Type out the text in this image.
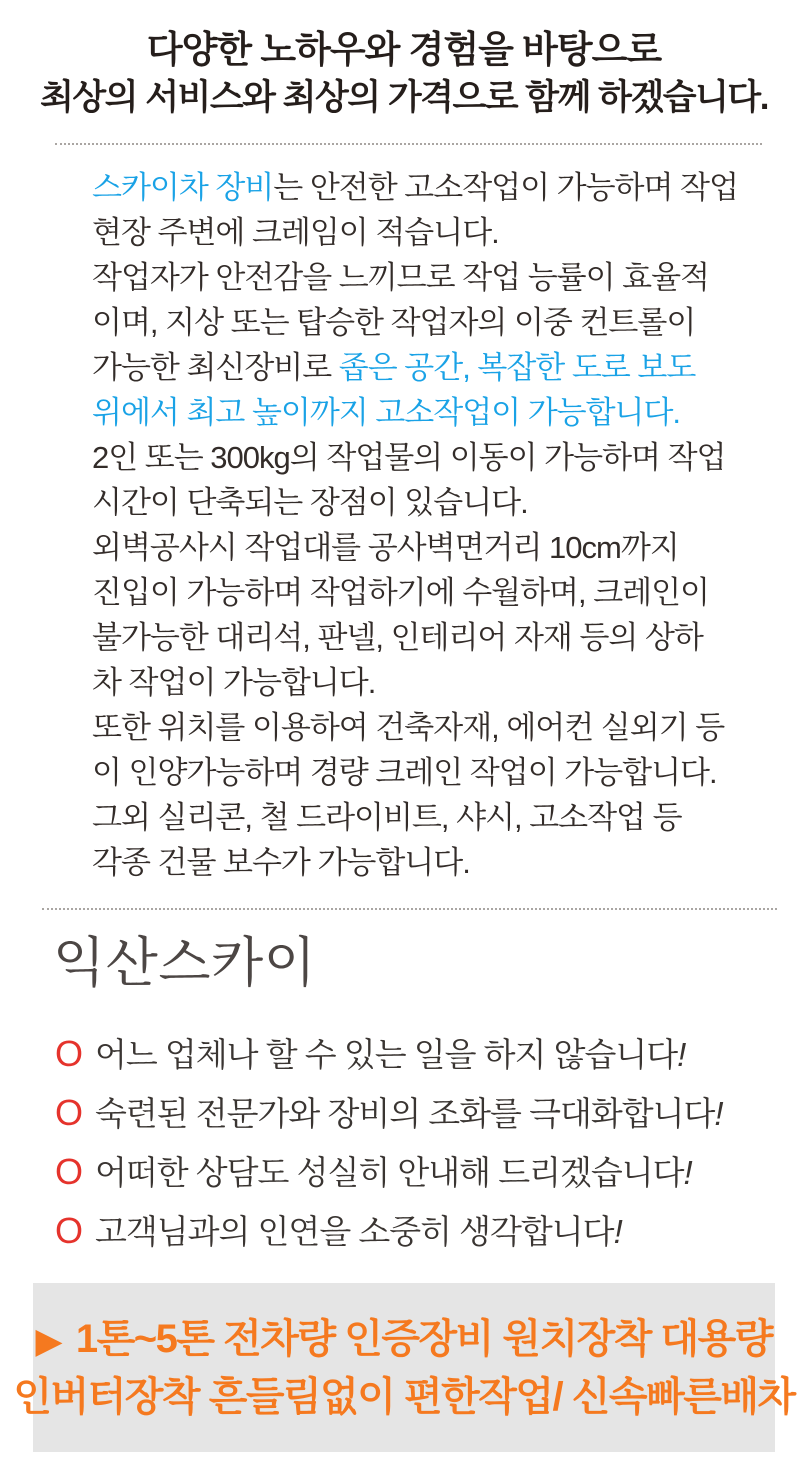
다양한 노하우와 경험을 바탕으로
최상의 서비스와 최상의 가격으로 함께 하겠습니다.
스카이차 장비는 안전한 고소작업이 가능하며 작업
현장 주변에 크레임이 적습니다.
작업자가 안전감을 느끼므로 작업 능률이 효율적
이며, 지상 또는 탑승한 작업자의 이중 컨트롤이
가능한 최신장비로 좁은 공간, 복잡한 도로 보도
위에서 최고 높이까지 고소작업이 가능합니다.
2인 또는 300kg의 작업물의 이동이 가능하며 작업
시간이 단축되는 장점이 있습니다.
외벽공사시 작업대를 공사벽면거리 10cm까지
진입이 가능하며 작업하기에 수월하며, 크레인이
불가능한 대리석, 판넬, 인테리어 자재 등의 상하
차 작업이 가능합니다.
또한 위치를 이용하여 건축자재, 에어컨 실외기 등
이 인양가능하며 경량 크레인 작업이 가능합니다.
그외 실리콘, 철 드라이비트, 샤시, 고소작업 등
각종 건물 보수가 가능합니다.
익산스카이
O 어느 업체나 할 수 있는 일을 하지 않습니다!
O 숙련된 전문가와 장비의 조화를 극대화합니다!
O 어떠한 상담도 성실히 안내해 드리겠습니다!
O 고객님과의 인연을 소중히 생각합니다!
▶ 1톤~5톤 전차량 인증장비 원치장착 대용량
인버터장착 흔들림없이 편한작업/ 신속빠른배차
